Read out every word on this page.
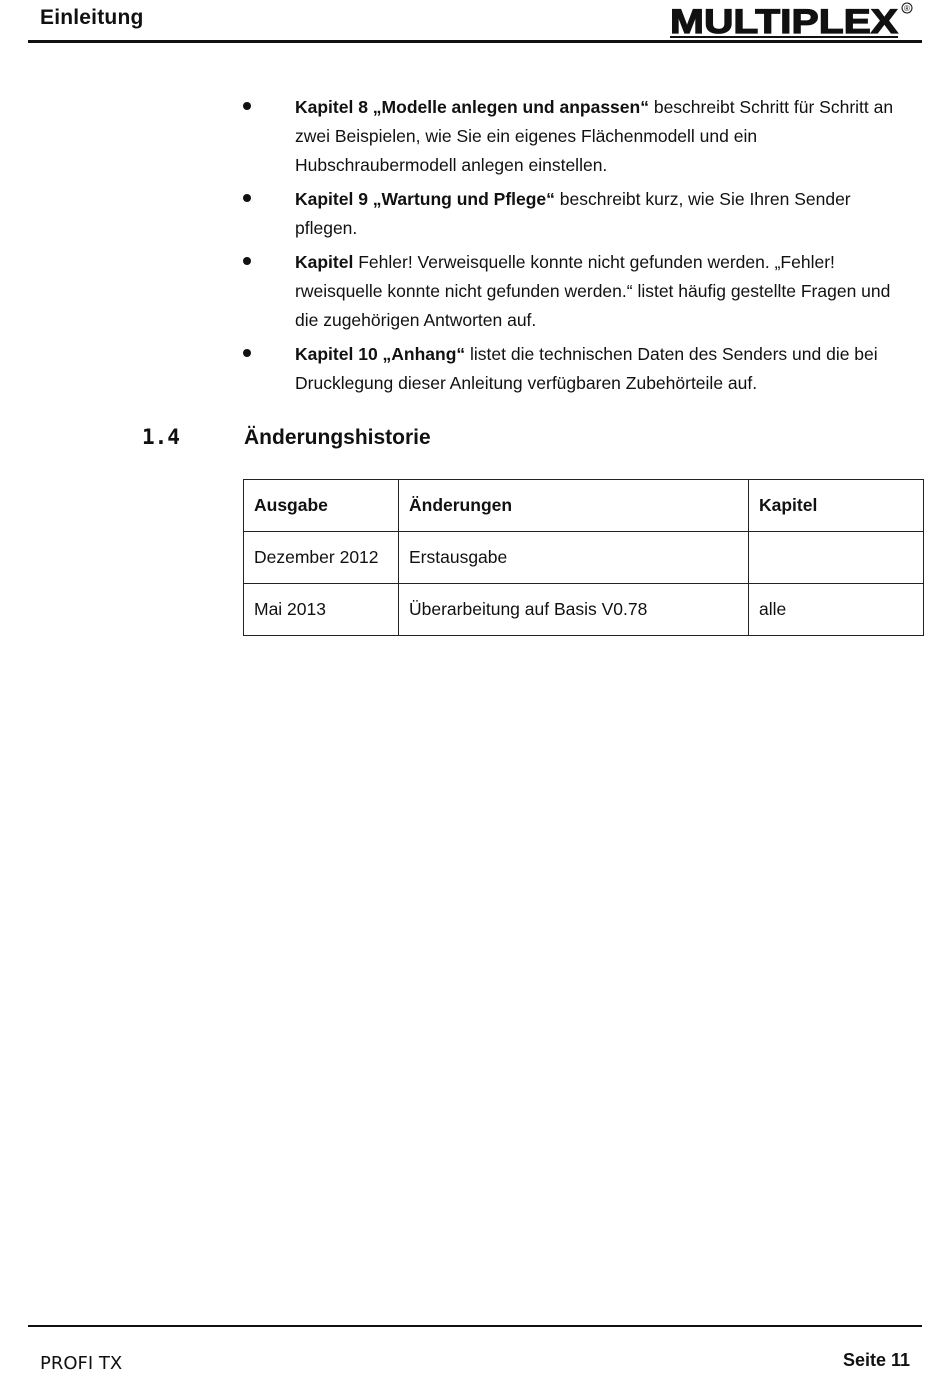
Einleitung	MULTIPLEX ®
Kapitel 8 „Modelle anlegen und anpassen“ beschreibt Schritt für Schritt an zwei Beispielen, wie Sie ein eigenes Flächenmodell und ein Hubschraubermodell anlegen einstellen.
Kapitel 9 „Wartung und Pflege“ beschreibt kurz, wie Sie Ihren Sender pflegen.
Kapitel Fehler! Verweisquelle konnte nicht gefunden werden. „Fehler! rweisquelle konnte nicht gefunden werden.“ listet häufig gestellte Fragen und die zugehörigen Antworten auf.
Kapitel 10 „Anhang“ listet die technischen Daten des Senders und die bei Drucklegung dieser Anleitung verfügbaren Zubehörteile auf.
1.4	Änderungshistorie
Ausgabe	Änderungen	Kapitel
Dezember 2012	Erstausgabe	
Mai 2013	Überarbeitung auf Basis V0.78	alle
PROFI TX	Seite 11
